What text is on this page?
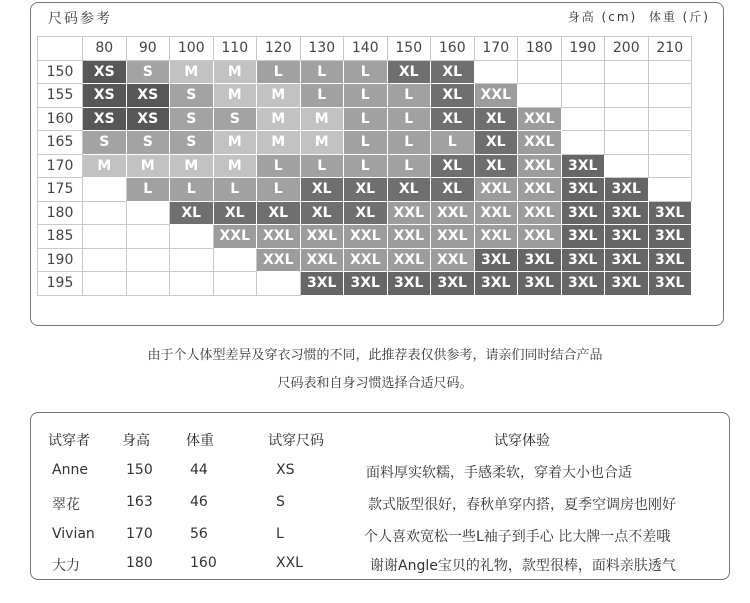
尺码参考	身高 (cm)  体重 (斤)
	80	90	100	110	120	130	140	150	160	170	180	190	200	210
150	XS	S	M	M	L	L	L	XL	XL					
155	XS	XS	S	M	M	L	L	L	XL	XXL				
160	XS	XS	S	S	M	M	L	L	XL	XL	XXL			
165	S	S	S	M	M	M	L	L	L	XL	XXL			
170	M	M	M	M	L	L	L	L	XL	XL	XXL	3XL		
175		L	L	L	L	XL	XL	XL	XL	XXL	XXL	3XL	3XL	
180			XL	XL	XL	XL	XL	XXL	XXL	XXL	XXL	3XL	3XL	3XL
185				XXL	XXL	XXL	XXL	XXL	XXL	XXL	XXL	3XL	3XL	3XL
190					XXL	XXL	XXL	XXL	XXL	3XL	3XL	3XL	3XL	3XL
195						3XL	3XL	3XL	3XL	3XL	3XL	3XL	3XL	3XL
由于个人体型差异及穿衣习惯的不同，此推荐表仅供参考，请亲们同时结合产品
尺码表和自身习惯选择合适尺码。
试穿者 身高	体重	试穿尺码	试穿体验
Anne	150	44	XS	面料厚实软糯，手感柔软，穿着大小也合适
翠花	163	46	S	款式版型很好，春秋单穿内搭，夏季空调房也刚好
Vivian 170	56	L	个人喜欢宽松一些L袖子到手心 比大牌一点不差哦
大力	180	160	XXL	谢谢Angle宝贝的礼物，款型很棒，面料亲肤透气
